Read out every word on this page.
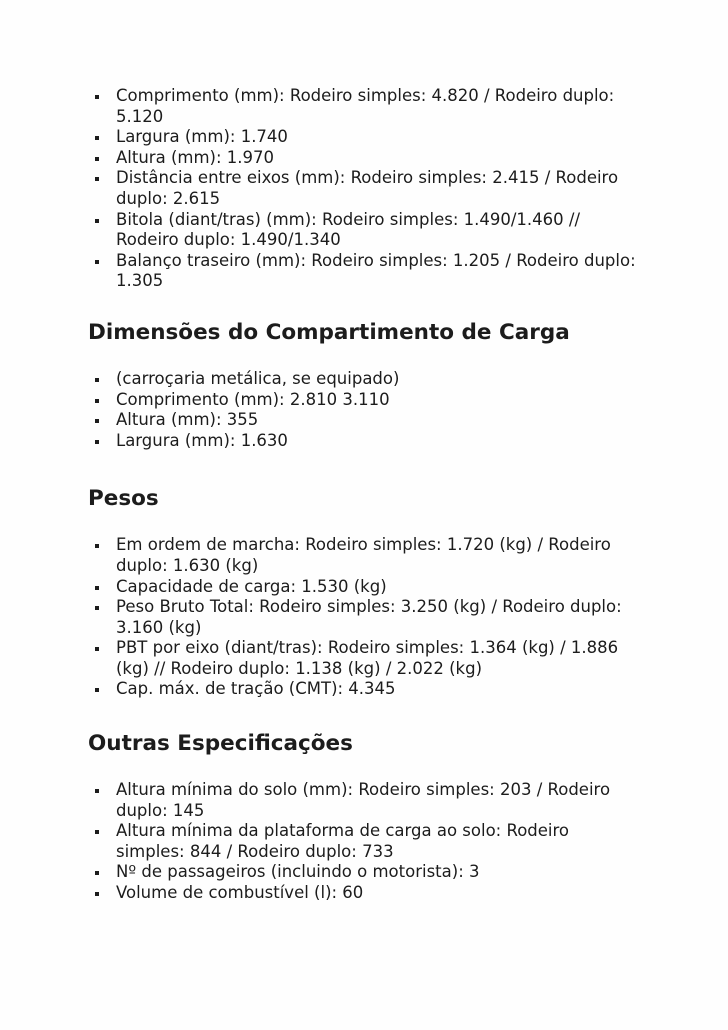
Comprimento (mm): Rodeiro simples: 4.820 / Rodeiro duplo: 5.120
Largura (mm): 1.740
Altura (mm): 1.970
Distância entre eixos (mm): Rodeiro simples: 2.415 / Rodeiro duplo: 2.615
Bitola (diant/tras) (mm): Rodeiro simples: 1.490/1.460 // Rodeiro duplo: 1.490/1.340
Balanço traseiro (mm): Rodeiro simples: 1.205 / Rodeiro duplo: 1.305
Dimensões do Compartimento de Carga
(carroçaria metálica, se equipado)
Comprimento (mm): 2.810 3.110
Altura (mm): 355
Largura (mm): 1.630
Pesos
Em ordem de marcha: Rodeiro simples: 1.720 (kg) / Rodeiro duplo: 1.630 (kg)
Capacidade de carga: 1.530 (kg)
Peso Bruto Total: Rodeiro simples: 3.250 (kg) / Rodeiro duplo: 3.160 (kg)
PBT por eixo (diant/tras): Rodeiro simples: 1.364 (kg) / 1.886 (kg) // Rodeiro duplo: 1.138 (kg) / 2.022 (kg)
Cap. máx. de tração (CMT): 4.345
Outras Especificações
Altura mínima do solo (mm): Rodeiro simples: 203 / Rodeiro duplo: 145
Altura mínima da plataforma de carga ao solo: Rodeiro simples: 844 / Rodeiro duplo: 733
Nº de passageiros (incluindo o motorista): 3
Volume de combustível (l): 60
